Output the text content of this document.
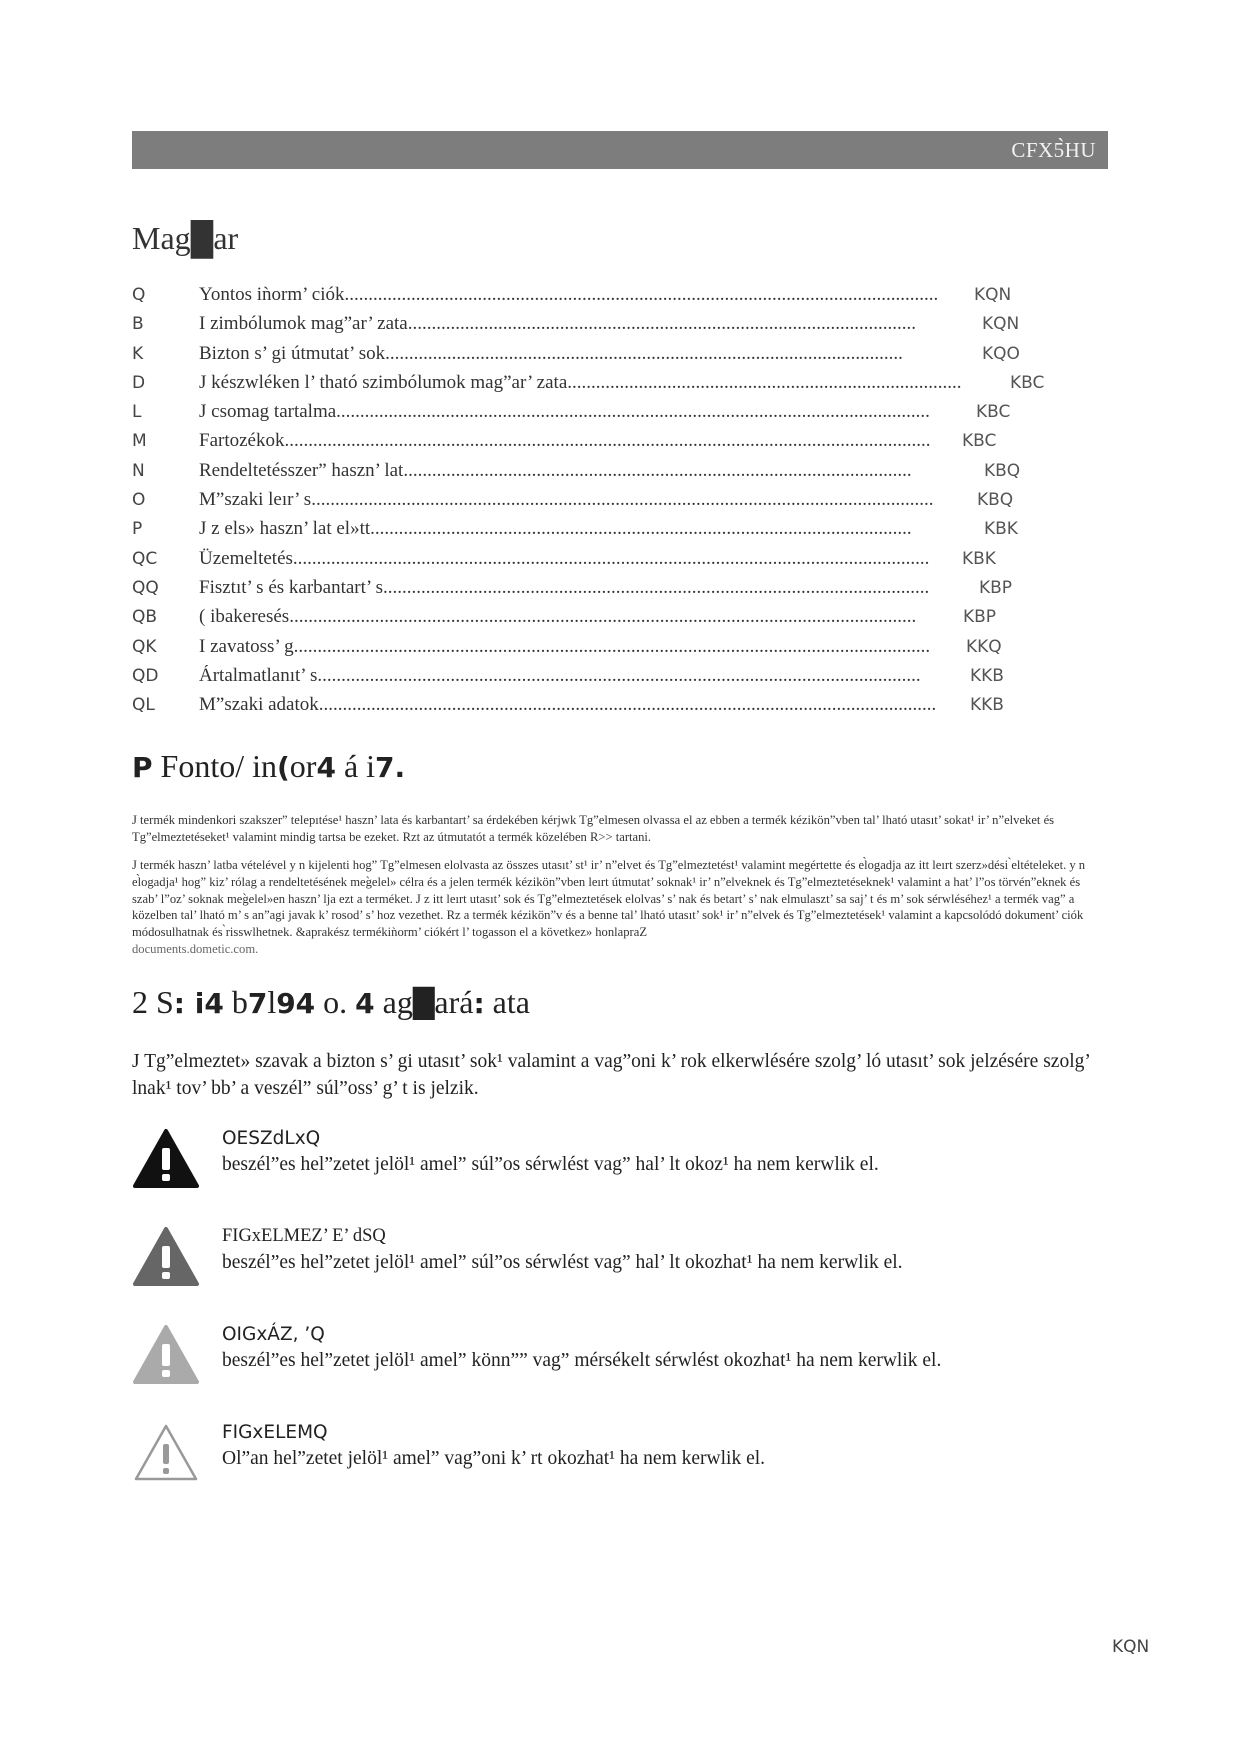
CFX5̀̀HU
Mag█ar
Q	Yontos iǹorm’ ciók.............................................................................................................................	KQN
B	I zimbólumok mag”ar’ zata...........................................................................................................	KQN
K	Bizton s’ gi útmutat’ sok.............................................................................................................	KQO
D	J készwléken l’ tható szimbólumok mag”ar’ zata...................................................................................	KBC
L	J csomag tartalma.............................................................................................................................	KBC
M	Fartozékok........................................................................................................................................	KBC
N	Rendeltetésszer” haszn’ lat...........................................................................................................	KBQ
O	M”szaki leır’ s...................................................................................................................................	KBQ
P	J z els» haszn’ lat el»tt..................................................................................................................	KBK
QC	Üzemeltetés......................................................................................................................................	KBK
QQ	Fisztıt’ s és karbantart’ s...................................................................................................................	KBP
QB	( ibakeresés....................................................................................................................................	KBP
QK	I zavatoss’ g......................................................................................................................................	KKQ
QD	Ártalmatlanıt’ s...............................................................................................................................	KKB
QL	M”szaki adatok..................................................................................................................................	KKB
P Fonto/ in(or4 á i7.
J termék mindenkori szakszer” telepıtése¹ haszn’ lata és karbantart’ sa érdekében kérjwk Tg”elmesen olvassa el az ebben a termék kézikön”vben tal’ lható utasıt’ sokat¹ ir’ n”elveket és Tg”elmeztetéseket¹ valamint mindig tartsa be ezeket. Rzt az útmutatót a termék közelében R>> tartani.
J termék haszn’ latba vételével y n kijelenti hog” Tg”elmesen elolvasta az összes utasıt’ st¹ ir’ n”elvet és Tg”elmeztetést¹ valamint megértette és el̀ogadja az itt leırt szerz»dési ̀eltételeket. y n el̀ogadja¹ hog” kiz’ rólag a rendeltetésének meg̀elel» célra és a jelen termék kézikön”vben leırt útmutat’ soknak¹ ir’ n”elveknek és Tg”elmeztetéseknek¹ valamint a hat’ l”os törvén”eknek és szab’ l”oz’ soknak meg̀elel»en haszn’ lja ezt a terméket. J z itt leırt utasıt’ sok és Tg”elmeztetések elolvas’ s’ nak és betart’ s’ nak elmulaszt’ sa saj’ t és m’ sok sérwléséhez¹ a termék vag” a közelben tal’ lható m’ s an”agi javak k’ rosod’ s’ hoz vezethet. Rz a termék kézikön”v és a benne tal’ lható utasıt’ sok¹ ir’ n”elvek és Tg”elmeztetések¹ valamint a kapcsolódó dokument’ ciók módosulhatnak és ̀risswlhetnek. &aprakész termékiǹorm’ ciókért l’ togasson el a következ» honlapraΖ
documents.dometic.com.
2 S: i4 b7l94 o. 4 ag█ará: ata
J Tg”elmeztet» szavak a bizton s’ gi utasıt’ sok¹ valamint a vag”oni k’ rok elkerwlésére szolg’ ló utasıt’ sok jelzésére szolg’ lnak¹ tov’ bb’ a veszél” súl”oss’ g’ t is jelzik.
OESZdLxQ
beszél”es hel”zetet jelöl¹ amel” súl”os sérwlést vag” hal’ lt okoz¹ ha nem kerwlik el.
FIGxELMEZ’ E’ dSQ
beszél”es hel”zetet jelöl¹ amel” súl”os sérwlést vag” hal’ lt okozhat¹ ha nem kerwlik el.
OIGxÁZ, ’Q
beszél”es hel”zetet jelöl¹ amel” könn”” vag” mérsékelt sérwlést okozhat¹ ha nem kerwlik el.
FIGxELEMQ
Ol”an hel”zetet jelöl¹ amel” vag”oni k’ rt okozhat¹ ha nem kerwlik el.
KQN
